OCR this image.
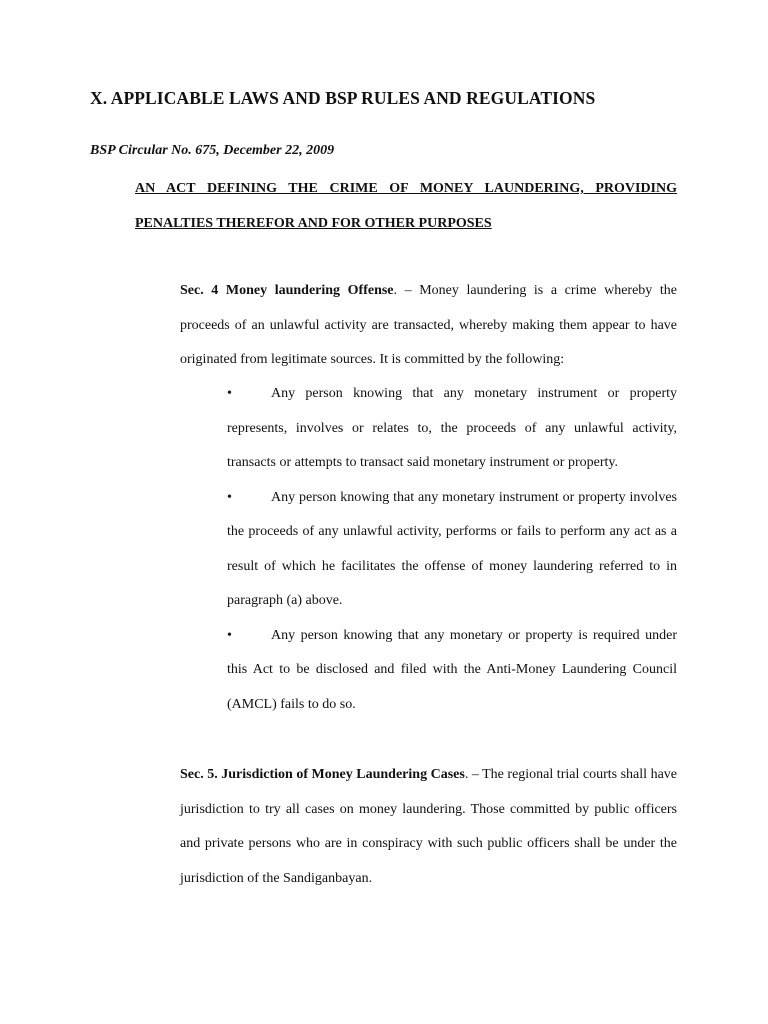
X. APPLICABLE LAWS AND BSP RULES AND REGULATIONS

BSP Circular No. 675, December 22, 2009

AN ACT DEFINING THE CRIME OF MONEY LAUNDERING, PROVIDING PENALTIES THEREFOR AND FOR OTHER PURPOSES

Sec. 4 Money laundering Offense. – Money laundering is a crime whereby the proceeds of an unlawful activity are transacted, whereby making them appear to have originated from legitimate sources. It is committed by the following:

•	Any person knowing that any monetary instrument or property represents, involves or relates to, the proceeds of any unlawful activity, transacts or attempts to transact said monetary instrument or property.
•	Any person knowing that any monetary instrument or property involves the proceeds of any unlawful activity, performs or fails to perform any act as a result of which he facilitates the offense of money laundering referred to in paragraph (a) above.
•	Any person knowing that any monetary or property is required under this Act to be disclosed and filed with the Anti-Money Laundering Council (AMCL) fails to do so.

Sec. 5. Jurisdiction of Money Laundering Cases. – The regional trial courts shall have jurisdiction to try all cases on money laundering. Those committed by public officers and private persons who are in conspiracy with such public officers shall be under the jurisdiction of the Sandiganbayan.
